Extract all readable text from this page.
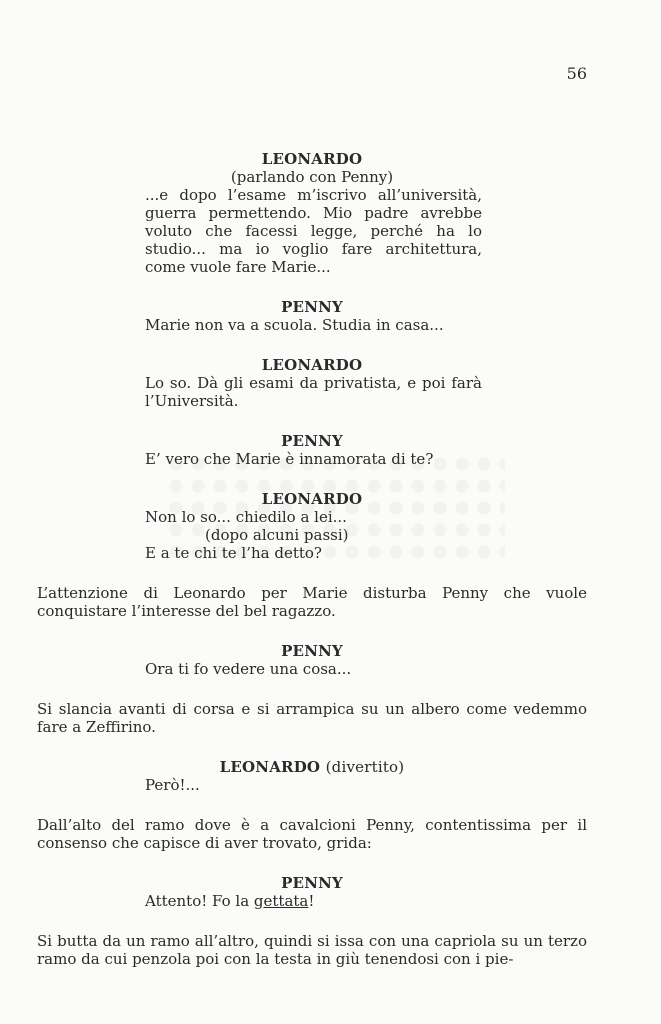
56
LEONARDO
(parlando con Penny)
...e dopo l’esame m’iscrivo all’università, guerra permettendo. Mio padre avrebbe voluto che facessi legge, perché ha lo studio... ma io voglio fare architettura, come vuole fare Marie...
PENNY
Marie non va a scuola. Studia in casa...
LEONARDO
Lo so. Dà gli esami da privatista, e poi farà l’Università.
PENNY
E’ vero che Marie è innamorata di te?
LEONARDO
Non lo so... chiedilo a lei...
(dopo alcuni passi)
E a te chi te l’ha detto?
L’attenzione di Leonardo per Marie disturba Penny che vuole conquistare l’interesse del bel ragazzo.
PENNY
Ora ti fo vedere una cosa...
Si slancia avanti di corsa e si arrampica su un albero come vedemmo fare a Zeffirino.
LEONARDO (divertito)
Però!...
Dall’alto del ramo dove è a cavalcioni Penny, contentissima per il consenso che capisce di aver trovato, grida:
PENNY
Attento! Fo la gettata!
Si butta da un ramo all’altro, quindi si issa con una capriola su un terzo ramo da cui penzola poi con la testa in giù tenendosi con i pie-
